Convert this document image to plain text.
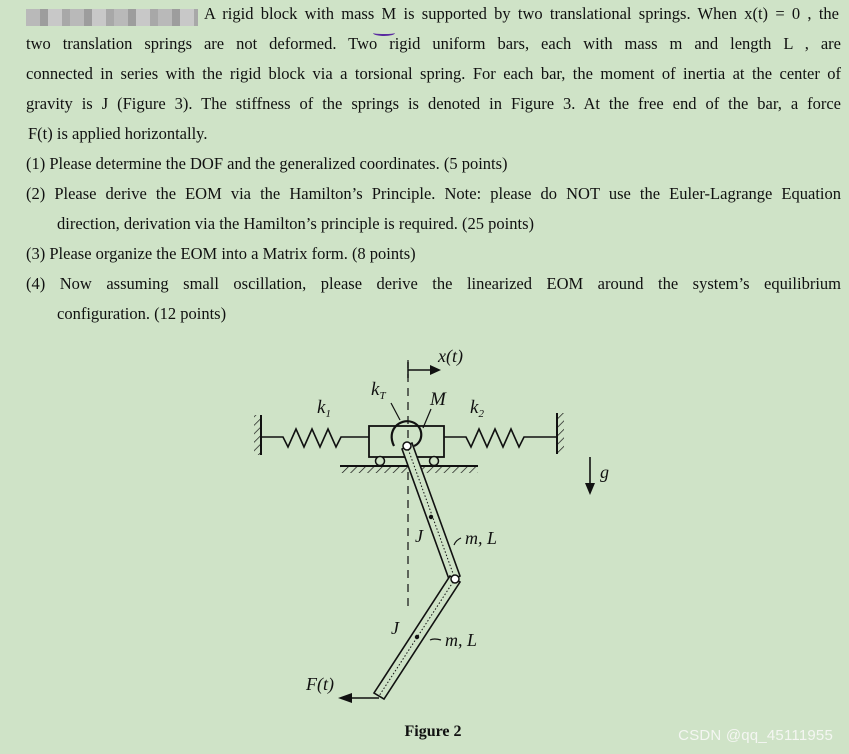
A rigid block with mass M is supported by two translational springs. When x(t) = 0 , the
two translation springs are not deformed. Two rigid uniform bars, each with mass m and length L , are
connected in series with the rigid block via a torsional spring. For each bar, the moment of inertia at the center of
gravity is J (Figure 3). The stiffness of the springs is denoted in Figure 3. At the free end of the bar, a force
F(t) is applied horizontally.
(1) Please determine the DOF and the generalized coordinates. (5 points)
(2) Please derive the EOM via the Hamilton’s Principle. Note: please do NOT use the Euler-Lagrange Equation
direction, derivation via the Hamilton’s principle is required. (25 points)
(3) Please organize the EOM into a Matrix form. (8 points)
(4) Now assuming small oscillation, please derive the linearized EOM around the system’s equilibrium
configuration. (12 points)
x(t)
$k_1$
$k_T$ M $k_2$
g
J m, L
J
m, L
F(t)
Figure 2	CSDN @qq_45111955
